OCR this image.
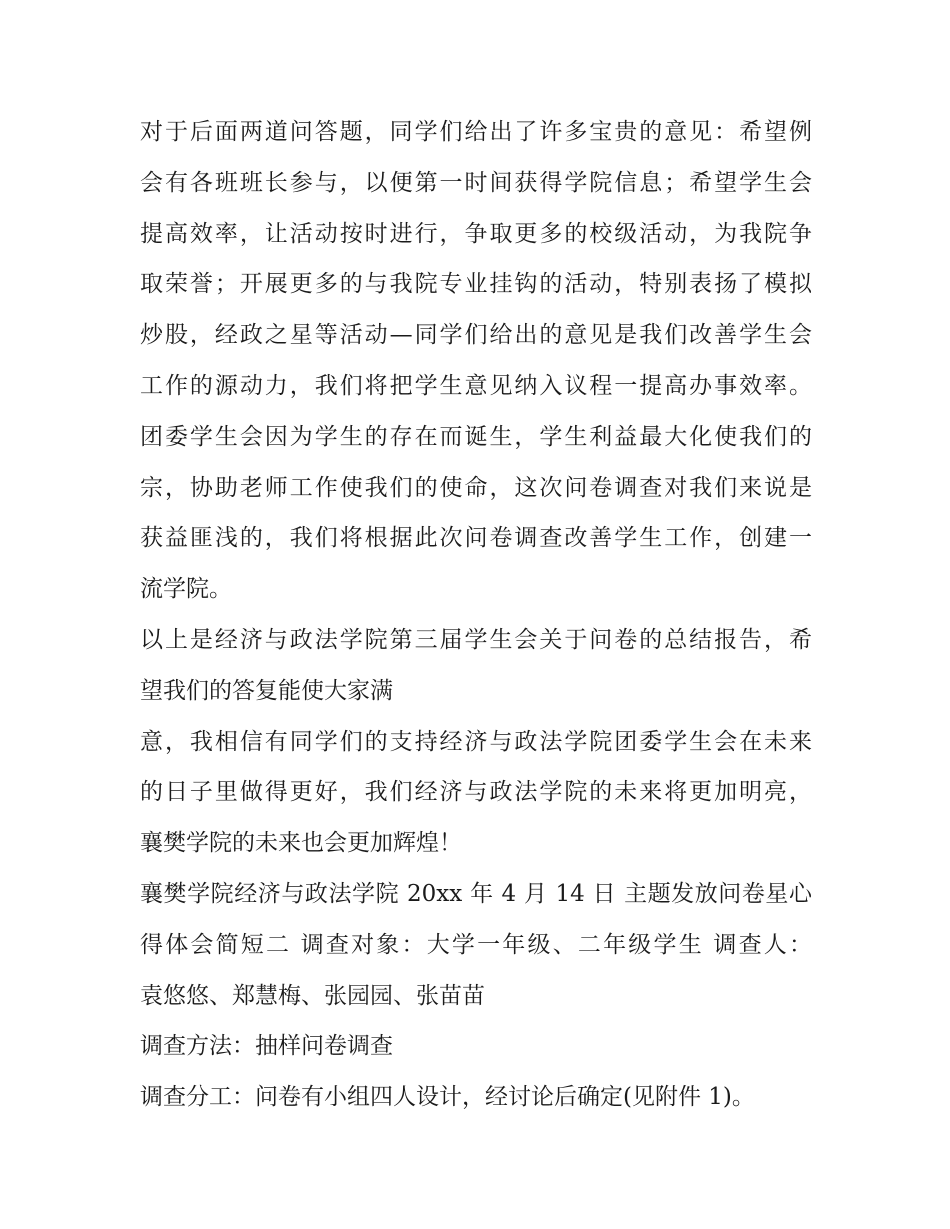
对于后面两道问答题，同学们给出了许多宝贵的意见：希望例
会有各班班长参与，以便第一时间获得学院信息；希望学生会
提高效率，让活动按时进行，争取更多的校级活动，为我院争
取荣誉；开展更多的与我院专业挂钩的活动，特别表扬了模拟
炒股，经政之星等活动—同学们给出的意见是我们改善学生会
工作的源动力，我们将把学生意见纳入议程一提高办事效率。
团委学生会因为学生的存在而诞生，学生利益最大化使我们的
宗，协助老师工作使我们的使命，这次问卷调查对我们来说是
获益匪浅的，我们将根据此次问卷调查改善学生工作，创建一
流学院。
以上是经济与政法学院第三届学生会关于问卷的总结报告，希
望我们的答复能使大家满
意，我相信有同学们的支持经济与政法学院团委学生会在未来
的日子里做得更好，我们经济与政法学院的未来将更加明亮，
襄樊学院的未来也会更加辉煌！
襄樊学院经济与政法学院 20xx 年 4 月 14 日 主题发放问卷星心
得体会简短二 调查对象：大学一年级、二年级学生 调查人：
袁悠悠、郑慧梅、张园园、张苗苗
调查方法：抽样问卷调查
调查分工：问卷有小组四人设计，经讨论后确定(见附件 1)。
